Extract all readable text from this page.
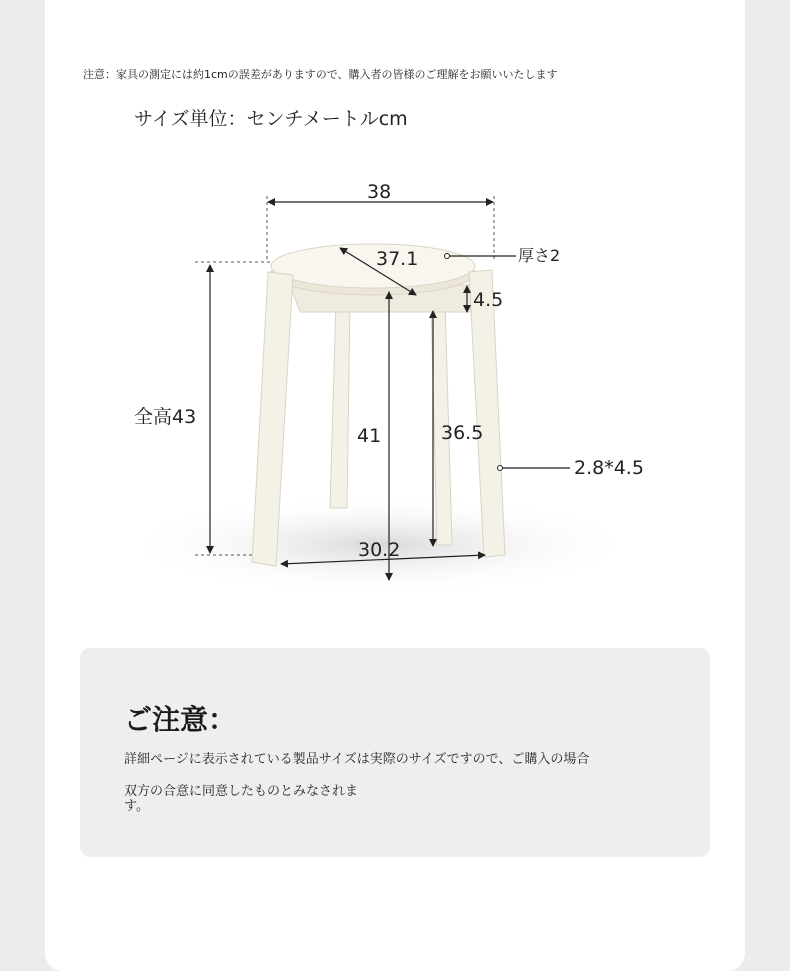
注意：家具の測定には約1cmの誤差がありますので、購入者の皆様のご理解をお願いいたします
サイズ単位：センチメートルcm
38
37.1	厚さ2
4.5
全高43
41	36.5
2.8*4.5
30.2
ご注意：
詳細ページに表示されている製品サイズは実際のサイズですので、ご購入の場合
双方の合意に同意したものとみなされます。
